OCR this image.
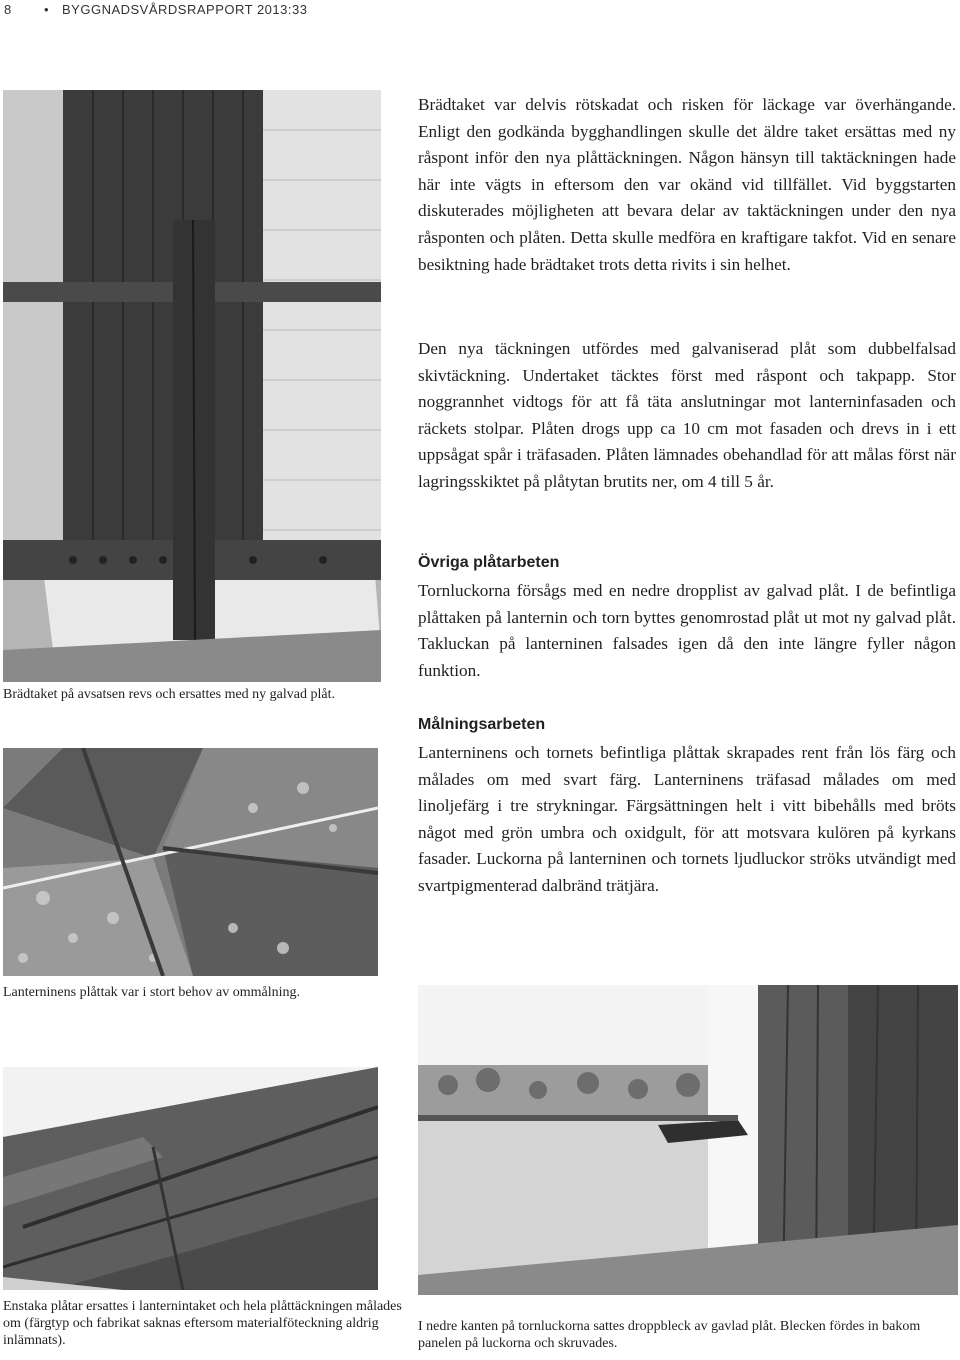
8 • BYGGNADSVÅRDSRAPPORT 2013:33
Brädtaket på avsatsen revs och ersattes med ny galvad plåt.
Lanterninens plåttak var i stort behov av ommålning.
Enstaka plåtar ersattes i lanternintaket och hela plåttäckningen målades om (färgtyp och fabrikat saknas eftersom materialföteckning aldrig inlämnats).
I nedre kanten på tornluckorna sattes droppbleck av gavlad plåt. Blecken fördes in bakom panelen på luckorna och skruvades.

Brädtaket var delvis rötskadat och risken för läckage var överhängande. Enligt den godkända bygghandlingen skulle det äldre taket ersättas med ny råspont inför den nya plåttäckningen. Någon hänsyn till taktäckningen hade här inte vägts in eftersom den var okänd vid tillfället. Vid byggstarten diskuterades möjligheten att bevara delar av taktäckningen under den nya råsponten och plåten. Detta skulle medföra en kraftigare takfot. Vid en senare besiktning hade brädtaket trots detta rivits i sin helhet.

Den nya täckningen utfördes med galvaniserad plåt som dubbelfalsad skivtäckning. Undertaket täcktes först med råspont och takpapp. Stor noggrannhet vidtogs för att få täta anslutningar mot lanterninfasaden och räckets stolpar. Plåten drogs upp ca 10 cm mot fasaden och drevs in i ett uppsågat spår i träfasaden. Plåten lämnades obehandlad för att målas först när lagringsskiktet på plåtytan brutits ner, om 4 till 5 år.

Övriga plåtarbeten

Tornluckorna försågs med en nedre dropplist av galvad plåt. I de befintliga plåttaken på lanternin och torn byttes genomrostad plåt ut mot ny galvad plåt. Takluckan på lanterninen falsades igen då den inte längre fyller någon funktion.

Målningsarbeten

Lanterninens och tornets befintliga plåttak skrapades rent från lös färg och målades om med svart färg. Lanterninens träfasad målades om med linoljefärg i tre strykningar. Färgsättningen helt i vitt bibehålls med bröts något med grön umbra och oxidgult, för att motsvara kulören på kyrkans fasader. Luckorna på lanterninen och tornets ljudluckor ströks utvändigt med svartpigmenterad dalbränd trätjära.
